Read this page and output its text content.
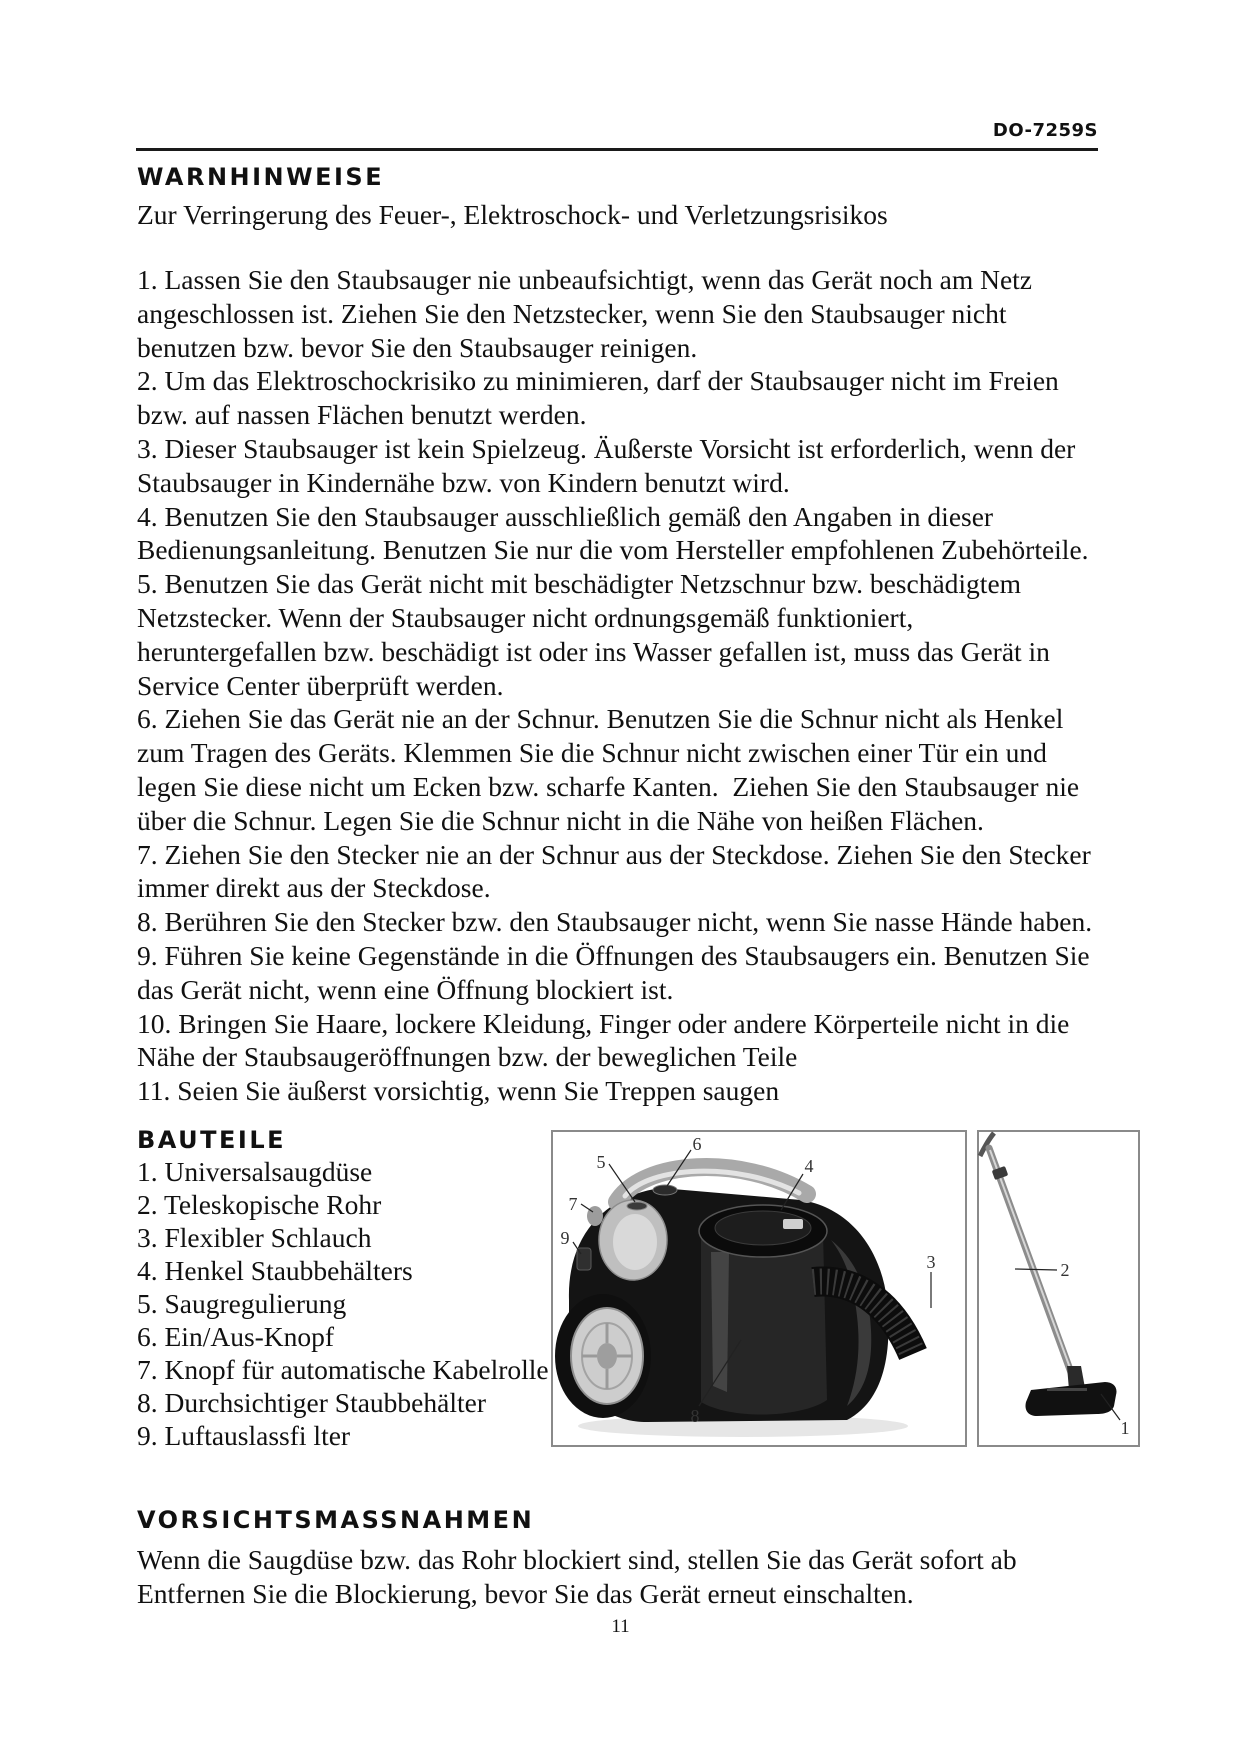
DO-7259S
WARNHINWEISE
Zur Verringerung des Feuer-, Elektroschock- und Verletzungsrisikos
1. Lassen Sie den Staubsauger nie unbeaufsichtigt, wenn das Gerät noch am Netz
angeschlossen ist. Ziehen Sie den Netzstecker, wenn Sie den Staubsauger nicht
benutzen bzw. bevor Sie den Staubsauger reinigen.
2. Um das Elektroschockrisiko zu minimieren, darf der Staubsauger nicht im Freien
bzw. auf nassen Flächen benutzt werden.
3. Dieser Staubsauger ist kein Spielzeug. Äußerste Vorsicht ist erforderlich, wenn der
Staubsauger in Kindernähe bzw. von Kindern benutzt wird.
4. Benutzen Sie den Staubsauger ausschließlich gemäß den Angaben in dieser
Bedienungsanleitung. Benutzen Sie nur die vom Hersteller empfohlenen Zubehörteile.
5. Benutzen Sie das Gerät nicht mit beschädigter Netzschnur bzw. beschädigtem
Netzstecker. Wenn der Staubsauger nicht ordnungsgemäß funktioniert,
heruntergefallen bzw. beschädigt ist oder ins Wasser gefallen ist, muss das Gerät in
Service Center überprüft werden.
6. Ziehen Sie das Gerät nie an der Schnur. Benutzen Sie die Schnur nicht als Henkel
zum Tragen des Geräts. Klemmen Sie die Schnur nicht zwischen einer Tür ein und
legen Sie diese nicht um Ecken bzw. scharfe Kanten.  Ziehen Sie den Staubsauger nie
über die Schnur. Legen Sie die Schnur nicht in die Nähe von heißen Flächen.
7. Ziehen Sie den Stecker nie an der Schnur aus der Steckdose. Ziehen Sie den Stecker
immer direkt aus der Steckdose.
8. Berühren Sie den Stecker bzw. den Staubsauger nicht, wenn Sie nasse Hände haben.
9. Führen Sie keine Gegenstände in die Öffnungen des Staubsaugers ein. Benutzen Sie
das Gerät nicht, wenn eine Öffnung blockiert ist.
10. Bringen Sie Haare, lockere Kleidung, Finger oder andere Körperteile nicht in die
Nähe der Staubsaugeröffnungen bzw. der beweglichen Teile
11. Seien Sie äußerst vorsichtig, wenn Sie Treppen saugen
BAUTEILE
1. Universalsaugdüse
2. Teleskopische Rohr
3. Flexibler Schlauch
4. Henkel Staubbehälters
5. Saugregulierung
6. Ein/Aus-Knopf
7. Knopf für automatische Kabelrolle
8. Durchsichtiger Staubbehälter
9. Luftauslassfi lter
5
6
4
7
9
3
8
2
1
VORSICHTSMASSNAHMEN
Wenn die Saugdüse bzw. das Rohr blockiert sind, stellen Sie das Gerät sofort ab
Entfernen Sie die Blockierung, bevor Sie das Gerät erneut einschalten.
11
